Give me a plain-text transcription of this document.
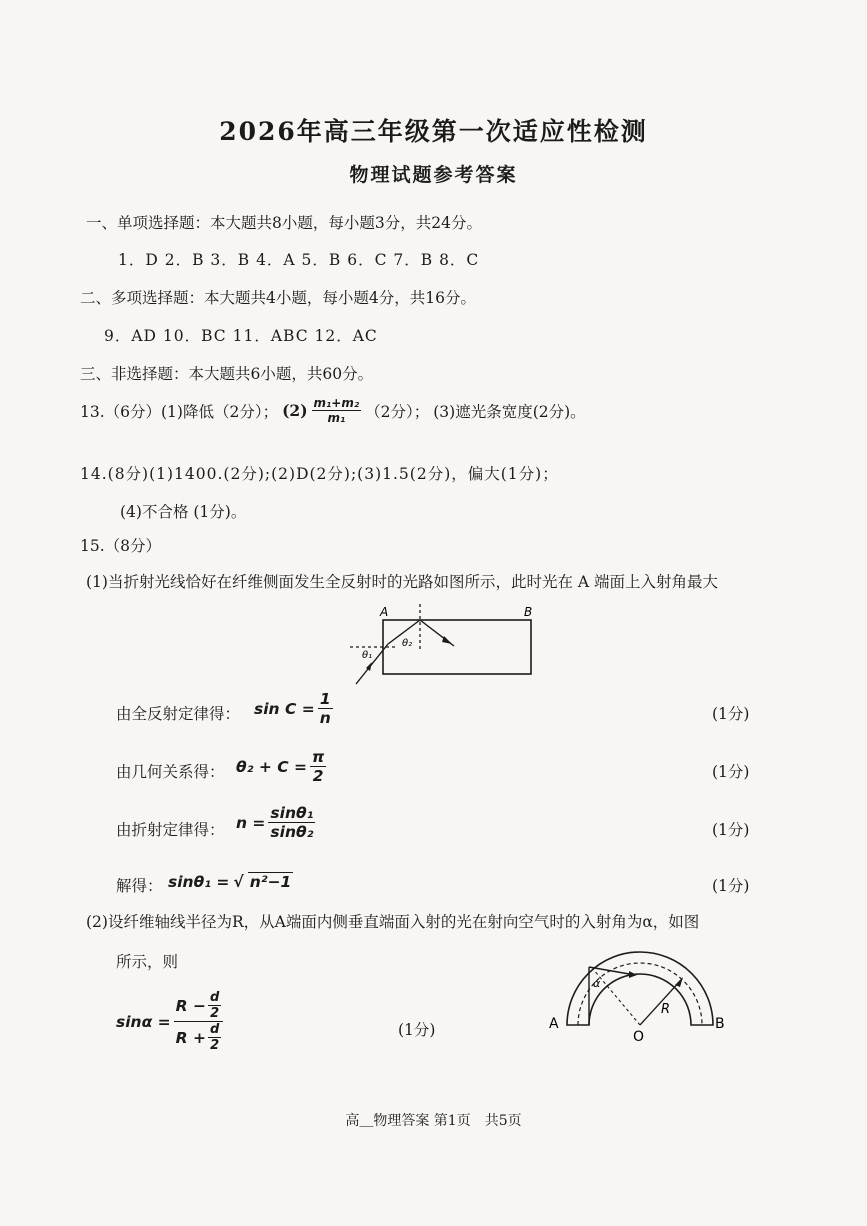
2026年高三年级第一次适应性检测
物理试题参考答案
一、单项选择题：本大题共8小题，每小题3分，共24分。
1．D 2．B 3．B 4．A 5．B 6．C 7．B 8．C
二、多项选择题：本大题共4小题，每小题4分，共16分。
9．AD 10．BC 11．ABC 12．AC
三、非选择题：本大题共6小题，共60分。
13.（6分）(1)降低（2分）； $(2) \frac{\text{m₁+m₂}}{\text{m₁}} (2$分）； (3)遮光条宽度(2分)。
14.(8分)(1)1400.(2分);(2)D(2分);(3)1.5(2分)，偏大(1分)；
(4)不合格 (1分)。
15.（8分）
(1)当折射光线恰好在纤维侧面发生全反射时的光路如图所示，此时光在 A 端面上入射角最大
A	B
θ₁
θ₂
由全反射定律得： $\sin C = \frac{1}{n}$	(1分)
由几何关系得： $\theta_2 + C = \frac{\pi}{2}$	(1分)
由折射定律得： $n = \frac{\text{sinθ₁}}{\text{sinθ₂}}$	(1分)
解得： sinθ₁ = √ n²−1	(1分)
(2)设纤维轴线半径为R，从A端面内侧垂直端面入射的光在射向空气时的入射角为α，如图
所示，则
$\sin\alpha = \frac{R - \frac{d}{2}}{R + \frac{d}{2}}$	(1分)
α
R
A	B
O
高＿物理答案 第1页　共5页
